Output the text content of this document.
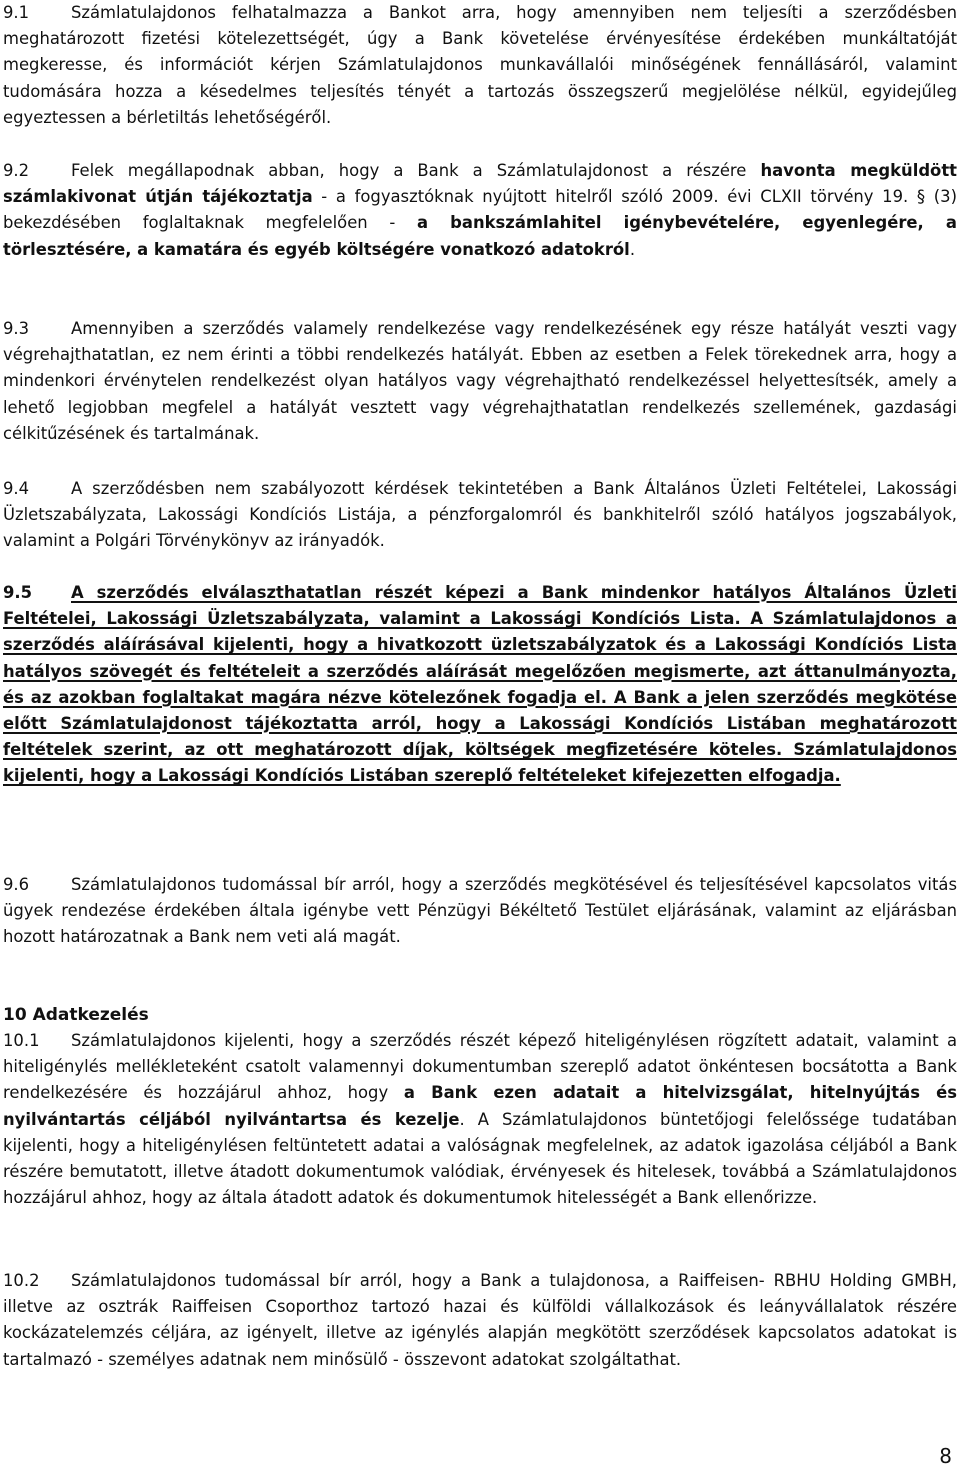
9.1	Számlatulajdonos felhatalmazza a Bankot arra, hogy amennyiben nem teljesíti a szerződésben meghatározott fizetési kötelezettségét, úgy a Bank követelése érvényesítése érdekében munkáltatóját megkeresse, és információt kérjen Számlatulajdonos munkavállalói minőségének fennállásáról, valamint tudomására hozza a késedelmes teljesítés tényét a tartozás összegszerű megjelölése nélkül, egyidejűleg egyeztessen a bérletiltás lehetőségéről.

9.2	Felek megállapodnak abban, hogy a Bank a Számlatulajdonost a részére havonta megküldött számlakivonat útján tájékoztatja - a fogyasztóknak nyújtott hitelről szóló 2009. évi CLXII törvény 19. § (3) bekezdésében foglaltaknak megfelelően - a bankszámlahitel igénybevételére, egyenlegére, a törlesztésére, a kamatára és egyéb költségére vonatkozó adatokról.

9.3	Amennyiben a szerződés valamely rendelkezése vagy rendelkezésének egy része hatályát veszti vagy végrehajthatatlan, ez nem érinti a többi rendelkezés hatályát. Ebben az esetben a Felek törekednek arra, hogy a mindenkori érvénytelen rendelkezést olyan hatályos vagy végrehajtható rendelkezéssel helyettesítsék, amely a lehető legjobban megfelel a hatályát vesztett vagy végrehajthatatlan rendelkezés szellemének, gazdasági célkitűzésének és tartalmának.

9.4	A szerződésben nem szabályozott kérdések tekintetében a Bank Általános Üzleti Feltételei, Lakossági Üzletszabályzata, Lakossági Kondíciós Listája, a pénzforgalomról és bankhitelről szóló hatályos jogszabályok, valamint a Polgári Törvénykönyv az irányadók.

9.5 A szerződés elválaszthatatlan részét képezi a Bank mindenkor hatályos Általános Üzleti Feltételei, Lakossági Üzletszabályzata, valamint a Lakossági Kondíciós Lista. A Számlatulajdonos a szerződés aláírásával kijelenti, hogy a hivatkozott üzletszabályzatok és a Lakossági Kondíciós Lista hatályos szövegét és feltételeit a szerződés aláírását megelőzően megismerte, azt áttanulmányozta, és az azokban foglaltakat magára nézve kötelezőnek fogadja el. A Bank a jelen szerződés megkötése előtt Számlatulajdonost tájékoztatta arról, hogy a Lakossági Kondíciós Listában meghatározott feltételek szerint, az ott meghatározott díjak, költségek megfizetésére köteles. Számlatulajdonos kijelenti, hogy a Lakossági Kondíciós Listában szereplő feltételeket kifejezetten elfogadja.

9.6	Számlatulajdonos tudomással bír arról, hogy a szerződés megkötésével és teljesítésével kapcsolatos vitás ügyek rendezése érdekében általa igénybe vett Pénzügyi Békéltető Testület eljárásának, valamint az eljárásban hozott határozatnak a Bank nem veti alá magát.

10 Adatkezelés

10.1 Számlatulajdonos kijelenti, hogy a szerződés részét képező hiteligénylésen rögzített adatait, valamint a hiteligénylés mellékleteként csatolt valamennyi dokumentumban szereplő adatot önkéntesen bocsátotta a Bank rendelkezésére és hozzájárul ahhoz, hogy a Bank ezen adatait a hitelvizsgálat, hitelnyújtás és nyilvántartás céljából nyilvántartsa és kezelje. A Számlatulajdonos büntetőjogi felelőssége tudatában kijelenti, hogy a hiteligénylésen feltüntetett adatai a valóságnak megfelelnek, az adatok igazolása céljából a Bank részére bemutatott, illetve átadott dokumentumok valódiak, érvényesek és hitelesek, továbbá a Számlatulajdonos hozzájárul ahhoz, hogy az általa átadott adatok és dokumentumok hitelességét a Bank ellenőrizze.

10.2 Számlatulajdonos tudomással bír arról, hogy a Bank a tulajdonosa, a Raiffeisen- RBHU Holding GMBH, illetve az osztrák Raiffeisen Csoporthoz tartozó hazai és külföldi vállalkozások és leányvállalatok részére kockázatelemzés céljára, az igényelt, illetve az igénylés alapján megkötött szerződések kapcsolatos adatokat is tartalmazó - személyes adatnak nem minősülő - összevont adatokat szolgáltathat.

8
